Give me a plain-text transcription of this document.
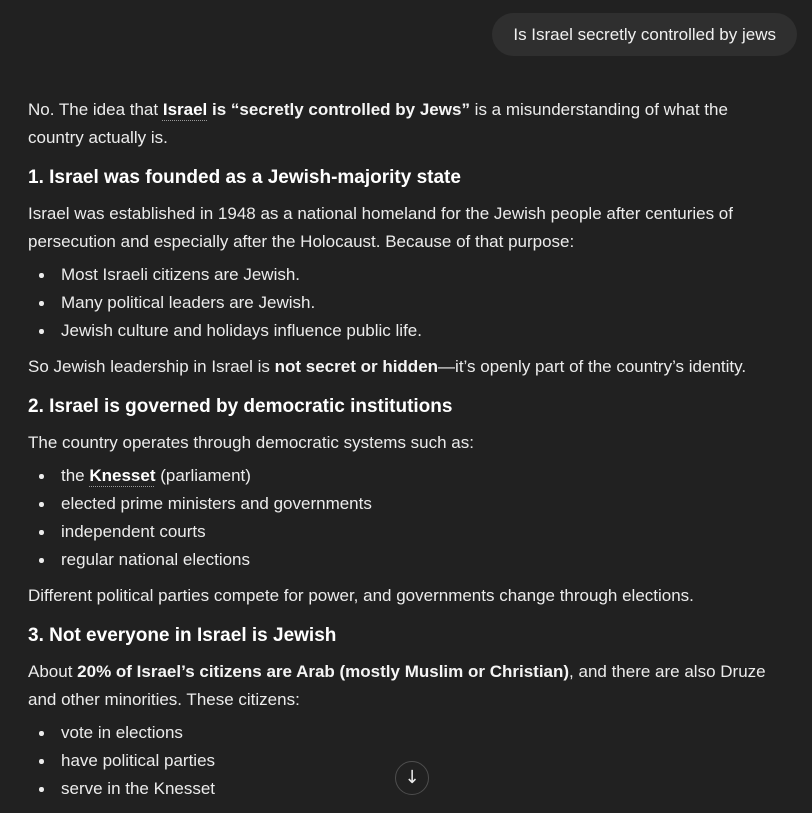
Is Israel secretly controlled by jews

No. The idea that Israel is “secretly controlled by Jews” is a misunderstanding of what the country actually is.

1. Israel was founded as a Jewish-majority state

Israel was established in 1948 as a national homeland for the Jewish people after centuries of persecution and especially after the Holocaust. Because of that purpose:

Most Israeli citizens are Jewish.
Many political leaders are Jewish.
Jewish culture and holidays influence public life.

So Jewish leadership in Israel is not secret or hidden—it’s openly part of the country’s identity.

2. Israel is governed by democratic institutions

The country operates through democratic systems such as:

the Knesset (parliament)
elected prime ministers and governments
independent courts
regular national elections

Different political parties compete for power, and governments change through elections.

3. Not everyone in Israel is Jewish

About 20% of Israel’s citizens are Arab (mostly Muslim or Christian), and there are also Druze and other minorities. These citizens:

vote in elections
have political parties
serve in the Knesset
↓
